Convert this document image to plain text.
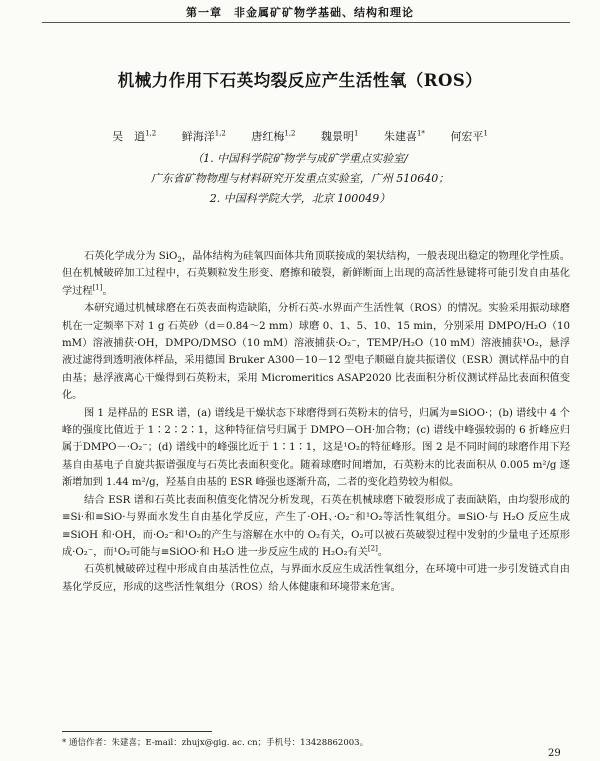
第一章　非金属矿矿物学基础、结构和理论
机械力作用下石英均裂反应产生活性氧（ROS）
吴　逍$^{1,2}$ 鲜海洋$^{1,2}$ 唐红梅$^{1,2}$ 魏景明$^1$ 朱建喜$^{1*}$ 何宏平$^1$
（1. 中国科学院矿物学与成矿学重点实验室/
广东省矿物物理与材料研究开发重点实验室，广州 510640；
2. 中国科学院大学，北京 100049）

石英化学成分为 SiO$_2$，晶体结构为硅氧四面体共角顶联接成的架状结构，一般表现出稳定的物理化学性质。但在机械破碎加工过程中，石英颗粒发生形变、磨擦和破裂，新鲜断面上出现的高活性悬键将可能引发自由基化学过程[1]。

本研究通过机械球磨在石英表面构造缺陷，分析石英-水界面产生活性氧（ROS）的情况。实验采用振动球磨机在一定频率下对 1 g 石英砂（d＝0.84～2 mm）球磨 0、1、5、10、15 min，分别采用 DMPO/H₂O（10 mM）溶液捕获·OH，DMPO/DMSO（10 mM）溶液捕获·O₂⁻，TEMP/H₂O（10 mM）溶液捕获¹O₂，悬浮液过滤得到透明液体样品，采用德国 Bruker A300－10－12 型电子顺磁自旋共振谱仪（ESR）测试样品中的自由基；悬浮液离心干燥得到石英粉末，采用 Micromeritics ASAP2020 比表面积分析仪测试样品比表面积值变化。

图 1 是样品的 ESR 谱，(a) 谱线是干燥状态下球磨得到石英粉末的信号，归属为≡SiOO·；(b) 谱线中 4 个峰的强度比值近于 1∶2∶2∶1，这种特征信号归属于 DMPO－OH·加合物；(c) 谱线中峰强较弱的 6 折峰应归属于DMPO－·O₂⁻；(d) 谱线中的峰强比近于 1∶1∶1，这是¹O₂的特征峰形。图 2 是不同时间的球磨作用下羟基自由基电子自旋共振谱强度与石英比表面积变化。随着球磨时间增加，石英粉末的比表面积从 0.005 m²/g 逐渐增加到 1.44 m²/g，羟基自由基的 ESR 峰强也逐渐升高，二者的变化趋势较为相似。

结合 ESR 谱和石英比表面积值变化情况分析发现，石英在机械球磨下破裂形成了表面缺陷，由均裂形成的≡Si·和≡SiO·与界面水发生自由基化学反应，产生了·OH、·O₂⁻和¹O₂等活性氧组分。≡SiO·与 H₂O 反应生成≡SiOH 和·OH，而·O₂⁻和¹O₂的产生与溶解在水中的 O₂有关，O₂可以被石英破裂过程中发射的少量电子还原形成·O₂⁻，而¹O₂可能与≡SiOO·和 H₂O 进一步反应生成的 H₂O₂有关[2]。

石英机械破碎过程中形成自由基活性位点，与界面水反应生成活性氧组分，在环境中可进一步引发链式自由基化学反应，形成的这些活性氧组分（ROS）给人体健康和环境带来危害。

* 通信作者：朱建喜；E-mail：zhujx@gig. ac. cn；手机号：13428862003。
29
